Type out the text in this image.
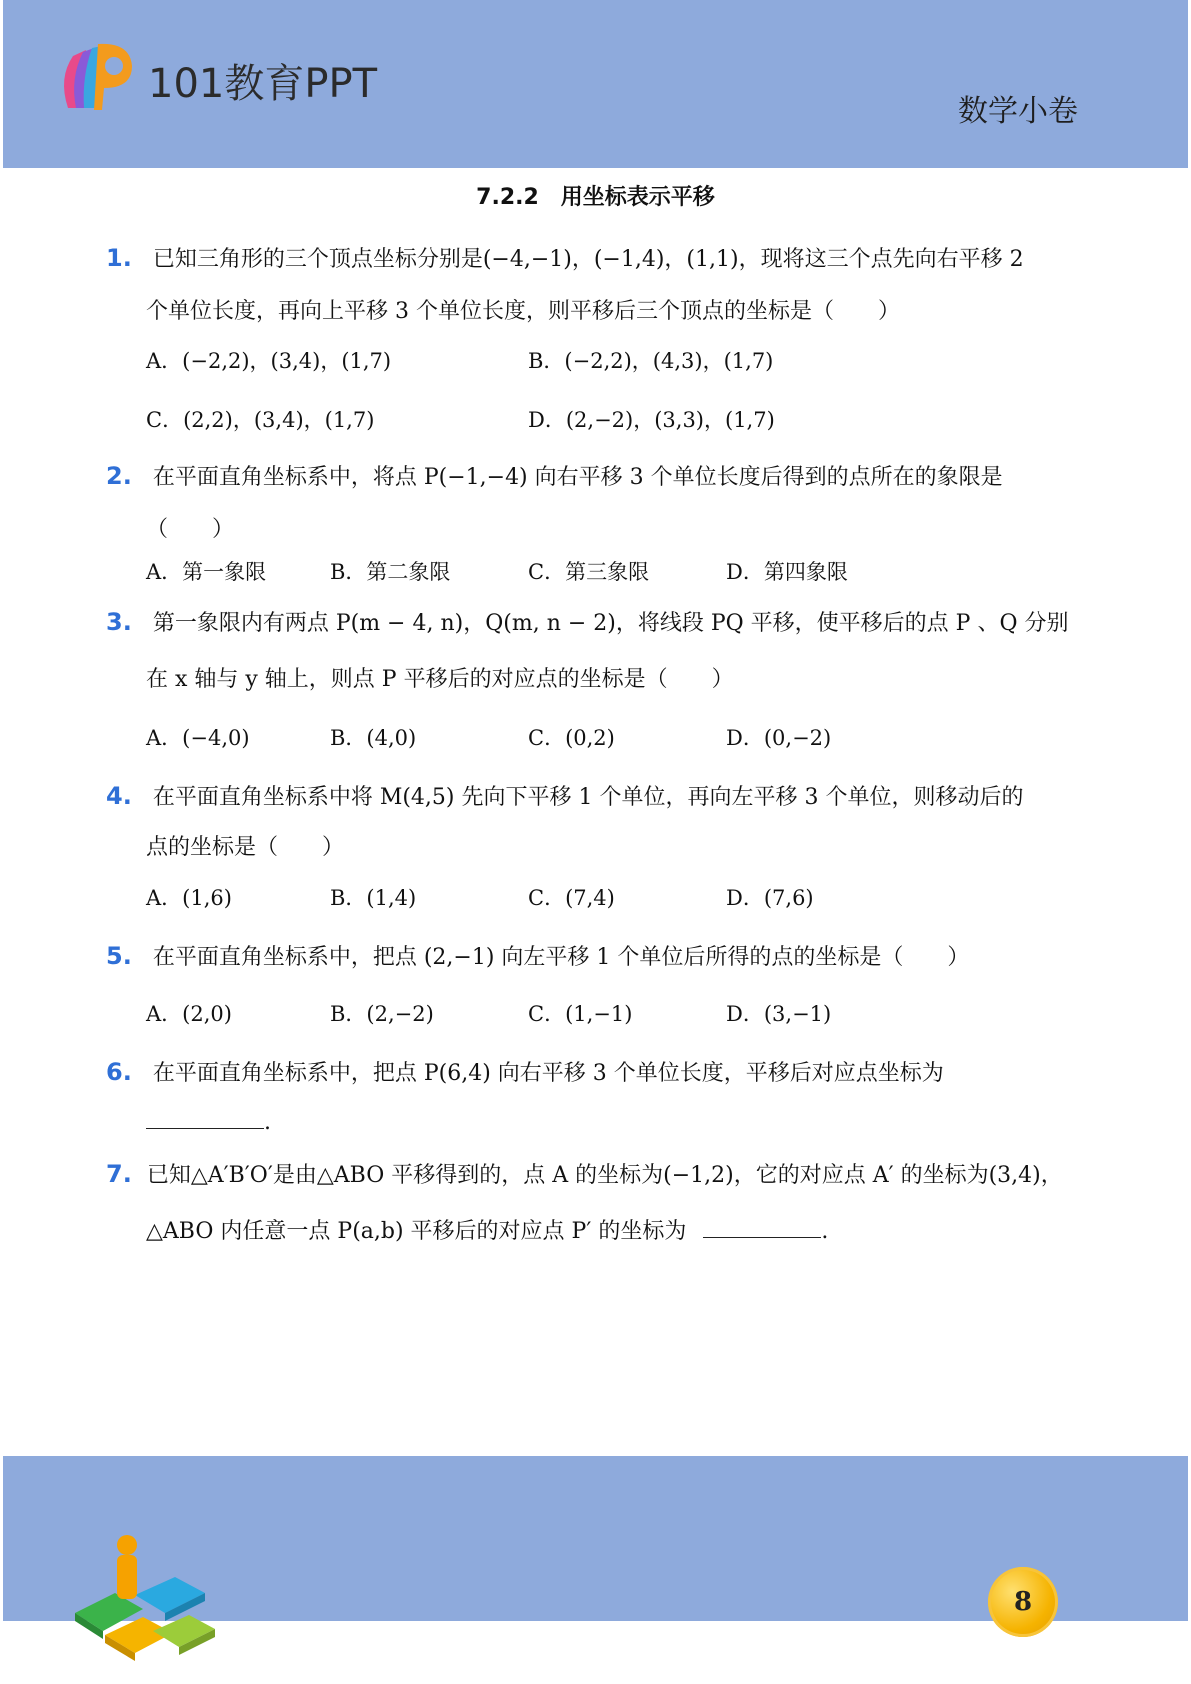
101教育PPT
数学小卷
7.2.2　用坐标表示平移
1. 已知三角形的三个顶点坐标分别是(−4,−1)，(−1,4)，(1,1)，现将这三个点先向右平移 2
个单位长度，再向上平移 3 个单位长度，则平移后三个顶点的坐标是（　　）
A．(−2,2)，(3,4)，(1,7)	B．(−2,2)，(4,3)，(1,7)
C．(2,2)，(3,4)，(1,7)	D．(2,−2)，(3,3)，(1,7)
2. 在平面直角坐标系中，将点 P(−1,−4) 向右平移 3 个单位长度后得到的点所在的象限是
（　　）
A．第一象限	B．第二象限	C．第三象限	D．第四象限
3. 第一象限内有两点 P(m − 4, n)，Q(m, n − 2)，将线段 PQ 平移，使平移后的点 P 、Q 分别
在 x 轴与 y 轴上，则点 P 平移后的对应点的坐标是（　　）
A．(−4,0)	B．(4,0)	C．(0,2)	D．(0,−2)
4. 在平面直角坐标系中将 M(4,5) 先向下平移 1 个单位，再向左平移 3 个单位，则移动后的
点的坐标是（　　）
A．(1,6)	B．(1,4)	C．(7,4)	D．(7,6)
5. 在平面直角坐标系中，把点 (2,−1) 向左平移 1 个单位后所得的点的坐标是（　　）
A．(2,0)	B．(2,−2)	C．(1,−1)	D．(3,−1)
6. 在平面直角坐标系中，把点 P(6,4) 向右平移 3 个单位长度，平移后对应点坐标为
.
7. 已知△A′B′O′是由△ABO 平移得到的，点 A 的坐标为(−1,2)，它的对应点 A′ 的坐标为(3,4)，
△ABO 内任意一点 P(a,b) 平移后的对应点 P′ 的坐标为	.
8
